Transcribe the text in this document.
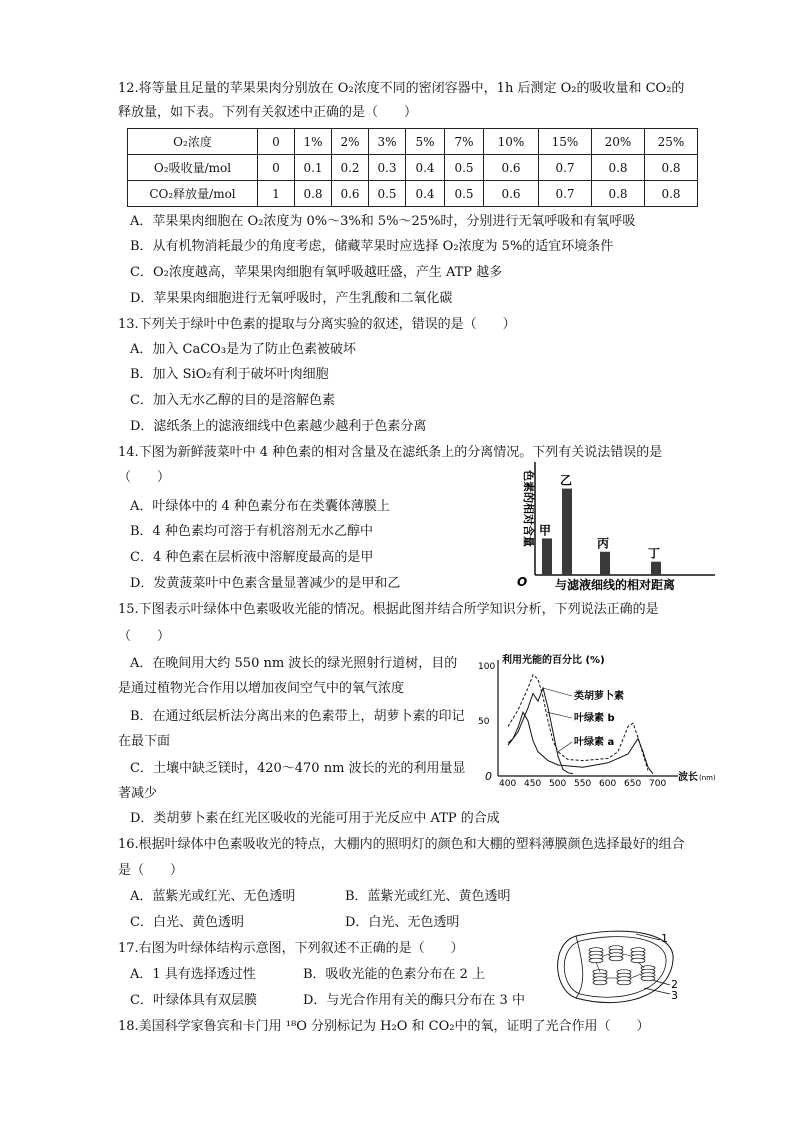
12.将等量且足量的苹果果肉分别放在 O₂浓度不同的密闭容器中，1h 后测定 O₂的吸收量和 CO₂的
释放量，如下表。下列有关叙述中正确的是（　　）
O₂浓度	0	1%	2%	3%	5%	7%	10%	15%	20%	25%
O₂吸收量/mol	0	0.1	0.2	0.3	0.4	0.5	0.6	0.7	0.8	0.8
CO₂释放量/mol	1	0.8	0.6	0.5	0.4	0.5	0.6	0.7	0.8	0.8
A．苹果果肉细胞在 O₂浓度为 0%～3%和 5%～25%时，分别进行无氧呼吸和有氧呼吸
B．从有机物消耗最少的角度考虑，储藏苹果时应选择 O₂浓度为 5%的适宜环境条件
C．O₂浓度越高，苹果果肉细胞有氧呼吸越旺盛，产生 ATP 越多
D．苹果果肉细胞进行无氧呼吸时，产生乳酸和二氧化碳
13.下列关于绿叶中色素的提取与分离实验的叙述，错误的是（　　）
A．加入 CaCO₃是为了防止色素被破坏
B．加入 SiO₂有利于破坏叶肉细胞
C．加入无水乙醇的目的是溶解色素
D．滤纸条上的滤液细线中色素越少越利于色素分离
14.下图为新鲜菠菜叶中 4 种色素的相对含量及在滤纸条上的分离情况。下列有关说法错误的是
（　　）
A．叶绿体中的 4 种色素分布在类囊体薄膜上
B．4 种色素均可溶于有机溶剂无水乙醇中
C．4 种色素在层析液中溶解度最高的是甲
D．发黄菠菜叶中色素含量显著减少的是甲和乙
色素的相对含量
O 与滤液细线的相对距离
甲
乙
丙
丁
15.下图表示叶绿体中色素吸收光能的情况。根据此图并结合所学知识分析，下列说法正确的是
（　　）
A．在晚间用大约 550 nm 波长的绿光照射行道树，目的是通过植物光合作用以增加夜间空气中的氧气浓度
B．在通过纸层析法分离出来的色素带上，胡萝卜素的印记在最下面
C．土壤中缺乏镁时，420～470 nm 波长的光的利用量显著减少
D．类胡萝卜素在红光区吸收的光能可用于光反应中 ATP 的合成
利用光能的百分比 (%)
0
400 450 500 550 600 650 700
50
100
波长 (nm)
类胡萝卜素
叶绿素 b
叶绿素 a
16.根据叶绿体中色素吸收光的特点，大棚内的照明灯的颜色和大棚的塑料薄膜颜色选择最好的组合
是（　　）
A．蓝紫光或红光、无色透明	B．蓝紫光或红光、黄色透明
C．白光、黄色透明	D．白光、无色透明
17.右图为叶绿体结构示意图，下列叙述不正确的是（　　）
A．1 具有选择透过性	B．吸收光能的色素分布在 2 上
C．叶绿体具有双层膜	D．与光合作用有关的酶只分布在 3 中
1
2
3
18.美国科学家鲁宾和卡门用 ¹⁸O 分别标记为 H₂O 和 CO₂中的氧，证明了光合作用（　　）
